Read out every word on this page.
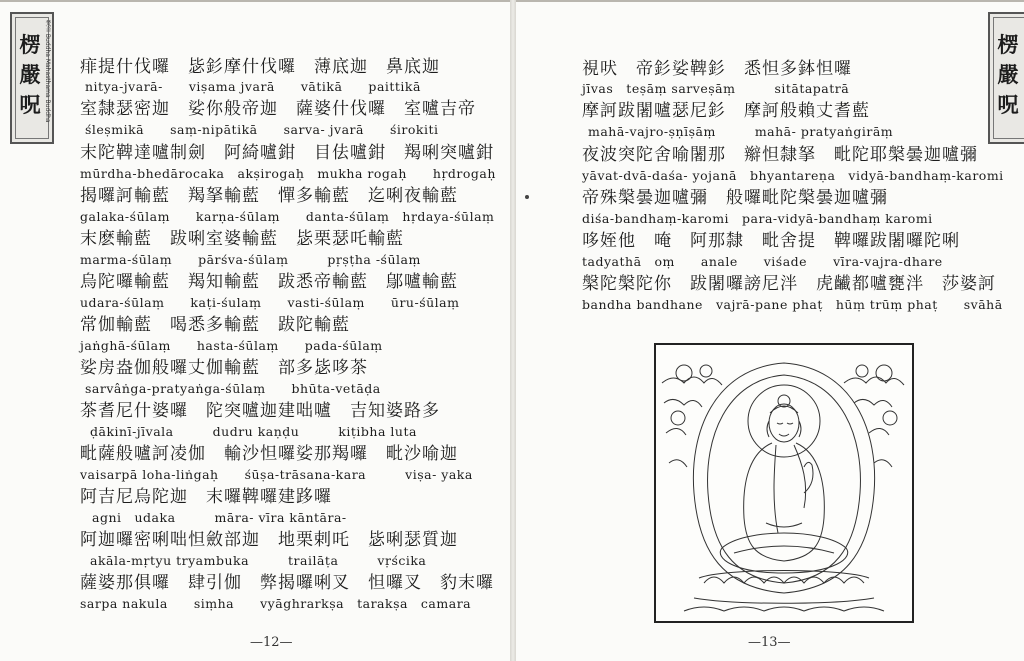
楞嚴呪 梵音 Buddha Mahasthama Buddha 痱提什伐囉　毖釤摩什伐囉　薄底迦　鼻底迦
nitya-jvarā-　　viṣama jvarā　　vātikā　　paittikā
室隸瑟密迦　娑你般帝迦　薩婆什伐囉　室嚧吉帝
śleṣmikā　　saṃ-nipātikā　　sarva- jvarā　　śirokiti
末陀鞞達嚧制劍　阿綺嚧鉗　目佉嚧鉗　羯唎突嚧鉗
mūrdha-bhedārocaka　akṣirogaḥ　mukha rogaḥ　　hṛdrogaḥ
揭囉訶輸藍　羯拏輸藍　憚多輸藍　迄唎夜輸藍
galaka-śūlaṃ　　karṇa-śūlaṃ　　danta-śūlaṃ　hṛdaya-śūlaṃ
末麽輸藍　跋唎室婆輸藍　毖栗瑟吒輸藍
marma-śūlaṃ　　pārśva-śūlaṃ　　　pṛṣṭha -śūlaṃ
烏陀囉輸藍　羯知輸藍　跋悉帝輸藍　鄔嚧輸藍
udara-śūlaṃ　　kaṭi-śulaṃ　　vasti-śūlaṃ　　ūru-śūlaṃ
常伽輸藍　喝悉多輸藍　跋陀輸藍
jaṅghā-śūlaṃ　　hasta-śūlaṃ　　pada-śūlaṃ
娑房盎伽般囉丈伽輸藍　部多毖哆茶
sarvâṅga-pratyaṅga-śūlaṃ　　bhūta-vetāḍa
茶耆尼什婆囉　陀突嚧迦建咄嚧　吉知婆路多
ḍākinī-jīvala　　　dudru kaṇḍu　　　kiṭibha luta
毗薩般嚧訶凌伽　輸沙怛囉娑那羯囉　毗沙喻迦
vaisarpā loha-liṅgaḥ　　śūṣa-trāsana-kara　　　viṣa- yaka
阿吉尼烏陀迦　末囉鞞囉建跢囉
agni　udaka　　　māra- vīra kāntāra-
阿迦囉密唎咄怛斂部迦　地栗剌吒　毖唎瑟質迦
akāla-mṛtyu tryambuka　　　trailāṭa　　　vṛścika
薩婆那俱囉　肆引伽　弊揭囉唎叉　怛囉叉　豹末囉
sarpa nakula　　siṃha　　vyāghrarkṣa　tarakṣa　camara
—12—
楞嚴呪
視吠　帝釤娑鞞釤　悉怛多鉢怛囉
jīvas　teṣāṃ sarveṣāṃ　　　sitātapatrā
摩訶跋闍嚧瑟尼釤　摩訶般賴丈耆藍
mahā-vajro-ṣṇīṣāṃ　　　mahā- pratyaṅgirāṃ
夜波突陀舍喻闍那　辮怛隸拏　毗陀耶槃曇迦嚧彌
yāvat-dvā-daśa- yojanā　bhyantareṇa　vidyā-bandhaṃ-karomi
帝殊槃曇迦嚧彌　般囉毗陀槃曇迦嚧彌
diśa-bandhaṃ-karomi　para-vidyā-bandhaṃ karomi
哆姪他　唵　阿那隸　毗舍提　鞞囉跋闍囉陀唎
tadyathā　oṃ　　anale　　viśade　　vīra-vajra-dhare
槃陀槃陀你　跋闍囉謗尼泮　虎䶪都嚧甕泮　莎婆訶
bandha bandhane　vajrā-pane phaṭ　hūṃ trūṃ phaṭ　　svāhā
—13—
